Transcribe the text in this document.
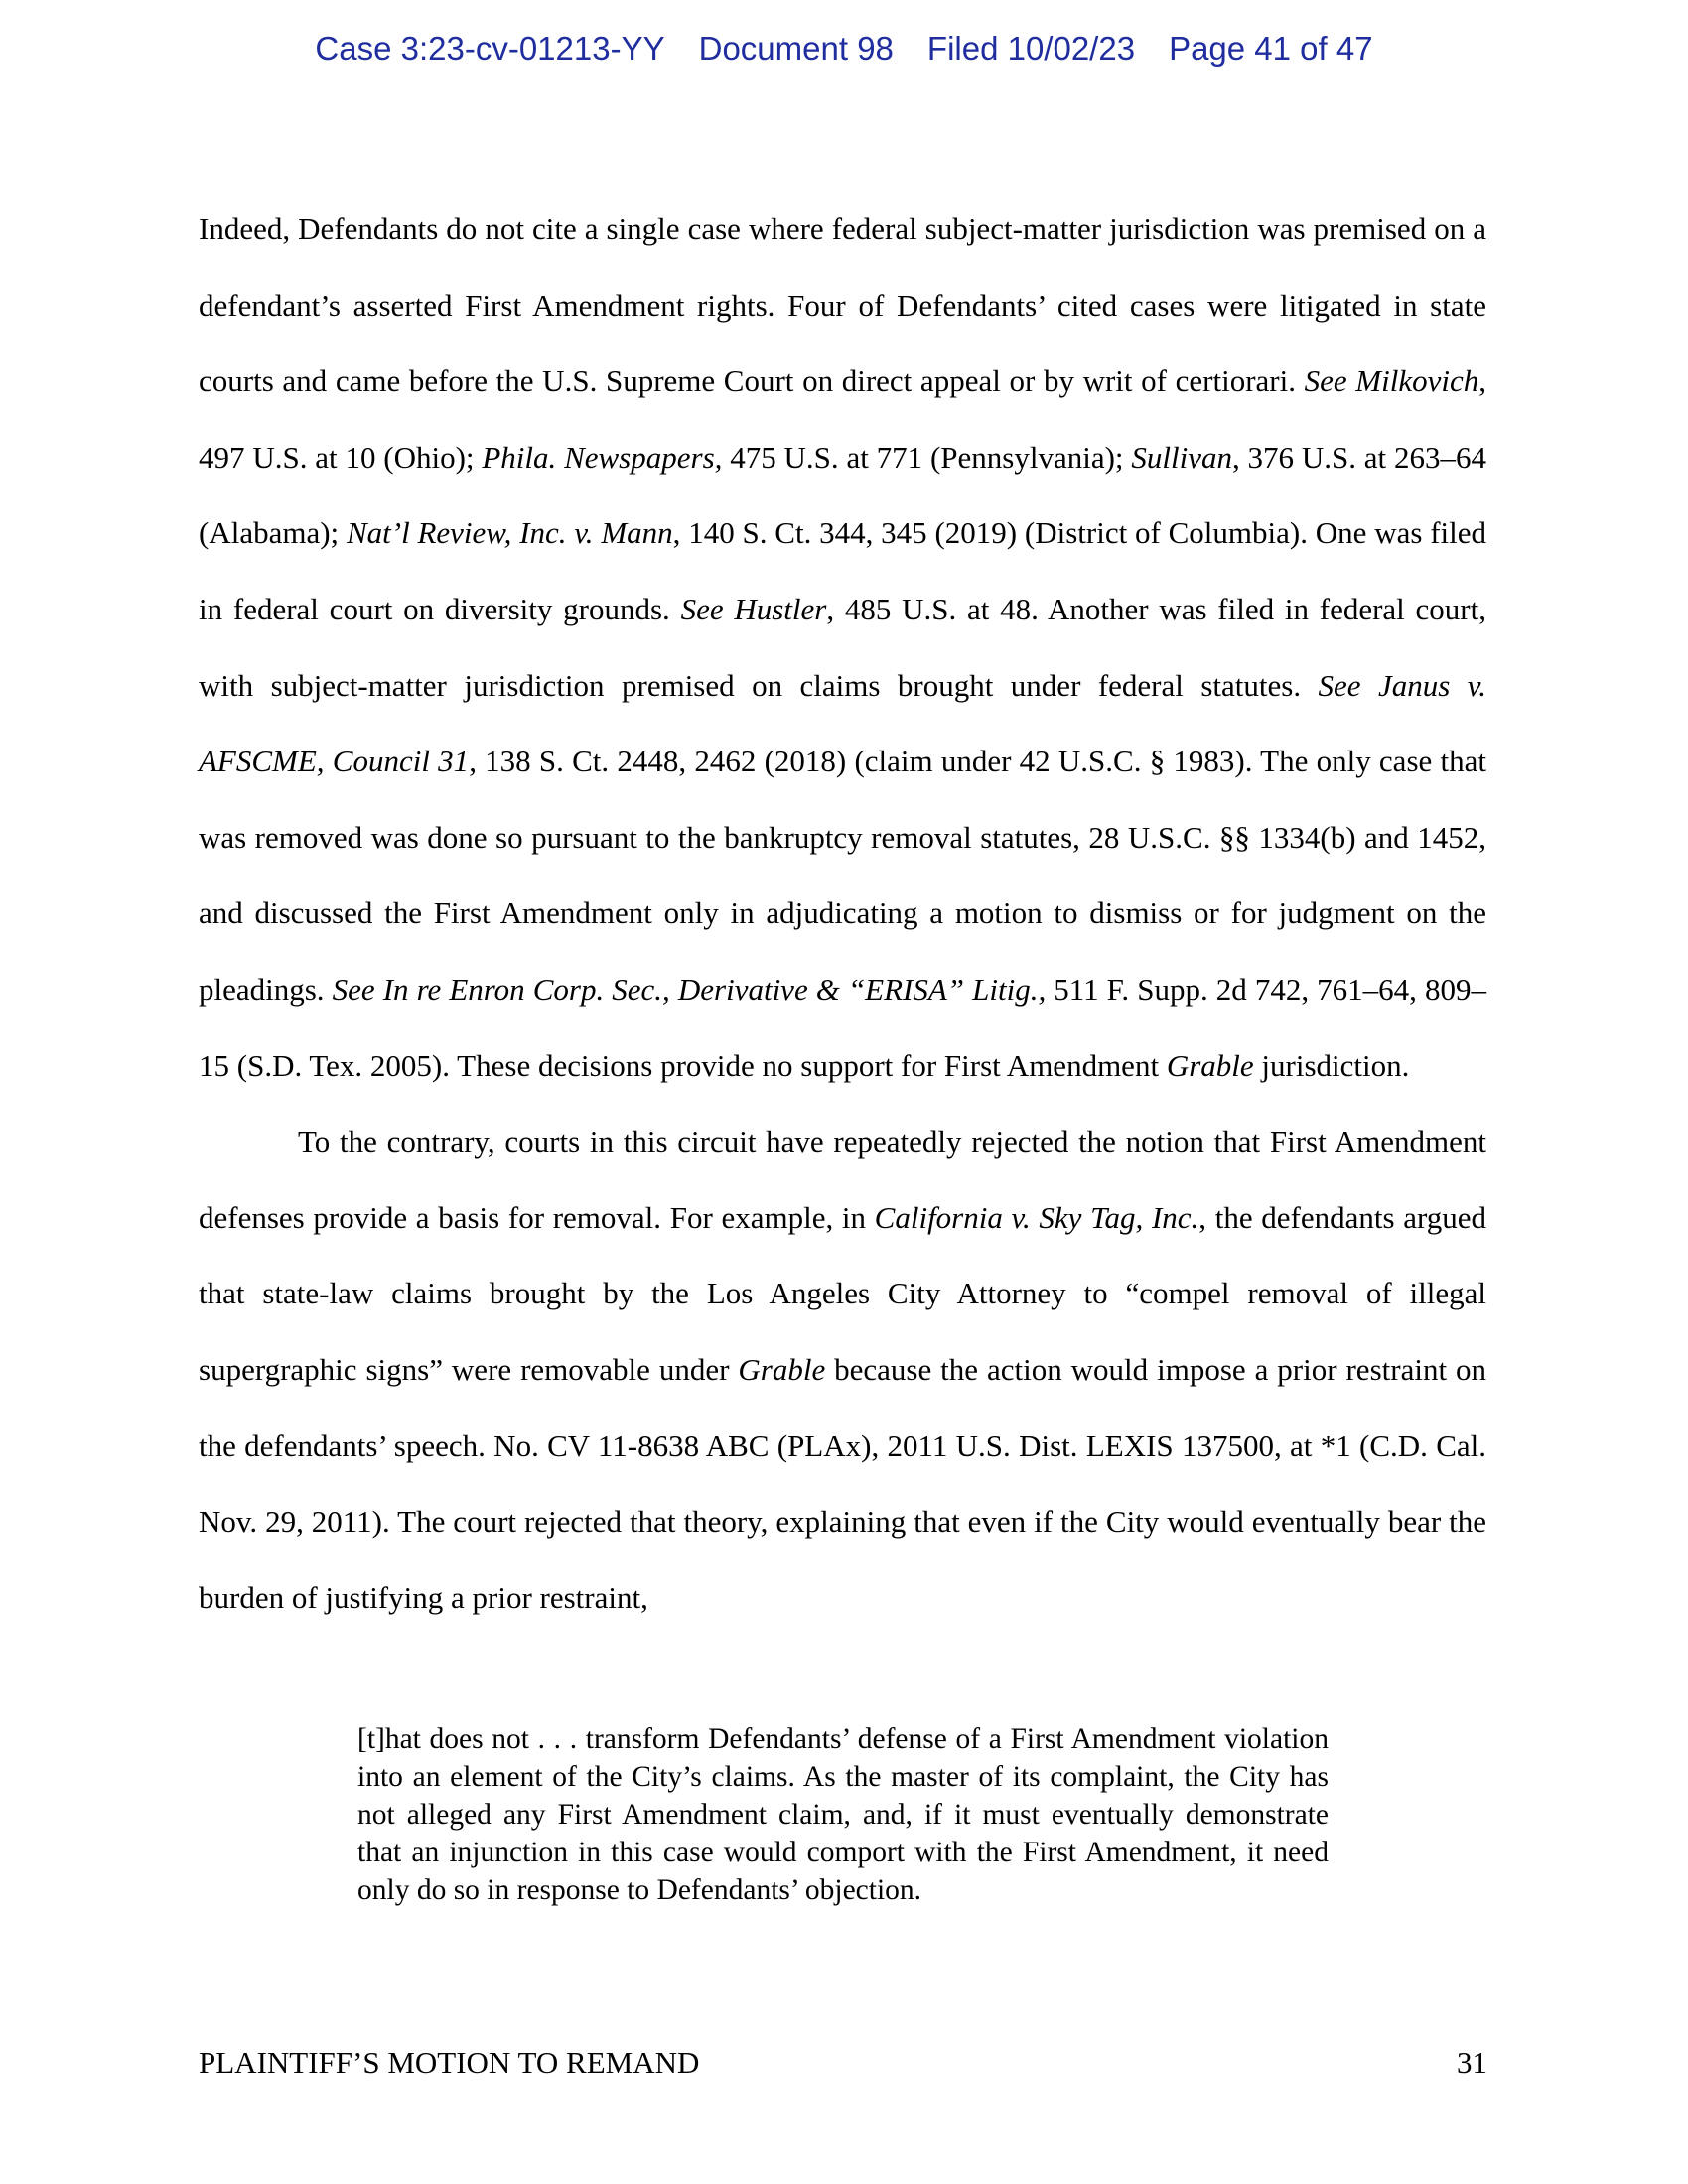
Case 3:23-cv-01213-YY Document 98 Filed 10/02/23 Page 41 of 47

Indeed, Defendants do not cite a single case where federal subject-matter jurisdiction was premised on a defendant’s asserted First Amendment rights. Four of Defendants’ cited cases were litigated in state courts and came before the U.S. Supreme Court on direct appeal or by writ of certiorari. See Milkovich, 497 U.S. at 10 (Ohio); Phila. Newspapers, 475 U.S. at 771 (Pennsylvania); Sullivan, 376 U.S. at 263–64 (Alabama); Nat’l Review, Inc. v. Mann, 140 S. Ct. 344, 345 (2019) (District of Columbia). One was filed in federal court on diversity grounds. See Hustler, 485 U.S. at 48. Another was filed in federal court, with subject-matter jurisdiction premised on claims brought under federal statutes. See Janus v. AFSCME, Council 31, 138 S. Ct. 2448, 2462 (2018) (claim under 42 U.S.C. § 1983). The only case that was removed was done so pursuant to the bankruptcy removal statutes, 28 U.S.C. §§ 1334(b) and 1452, and discussed the First Amendment only in adjudicating a motion to dismiss or for judgment on the pleadings. See In re Enron Corp. Sec., Derivative & “ERISA” Litig., 511 F. Supp. 2d 742, 761–64, 809–15 (S.D. Tex. 2005). These decisions provide no support for First Amendment Grable jurisdiction.

To the contrary, courts in this circuit have repeatedly rejected the notion that First Amendment defenses provide a basis for removal. For example, in California v. Sky Tag, Inc., the defendants argued that state-law claims brought by the Los Angeles City Attorney to “compel removal of illegal supergraphic signs” were removable under Grable because the action would impose a prior restraint on the defendants’ speech. No. CV 11-8638 ABC (PLAx), 2011 U.S. Dist. LEXIS 137500, at *1 (C.D. Cal. Nov. 29, 2011). The court rejected that theory, explaining that even if the City would eventually bear the burden of justifying a prior restraint,

[t]hat does not . . . transform Defendants’ defense of a First Amendment violation into an element of the City’s claims. As the master of its complaint, the City has not alleged any First Amendment claim, and, if it must eventually demonstrate that an injunction in this case would comport with the First Amendment, it need only do so in response to Defendants’ objection.

PLAINTIFF’S MOTION TO REMAND	31
